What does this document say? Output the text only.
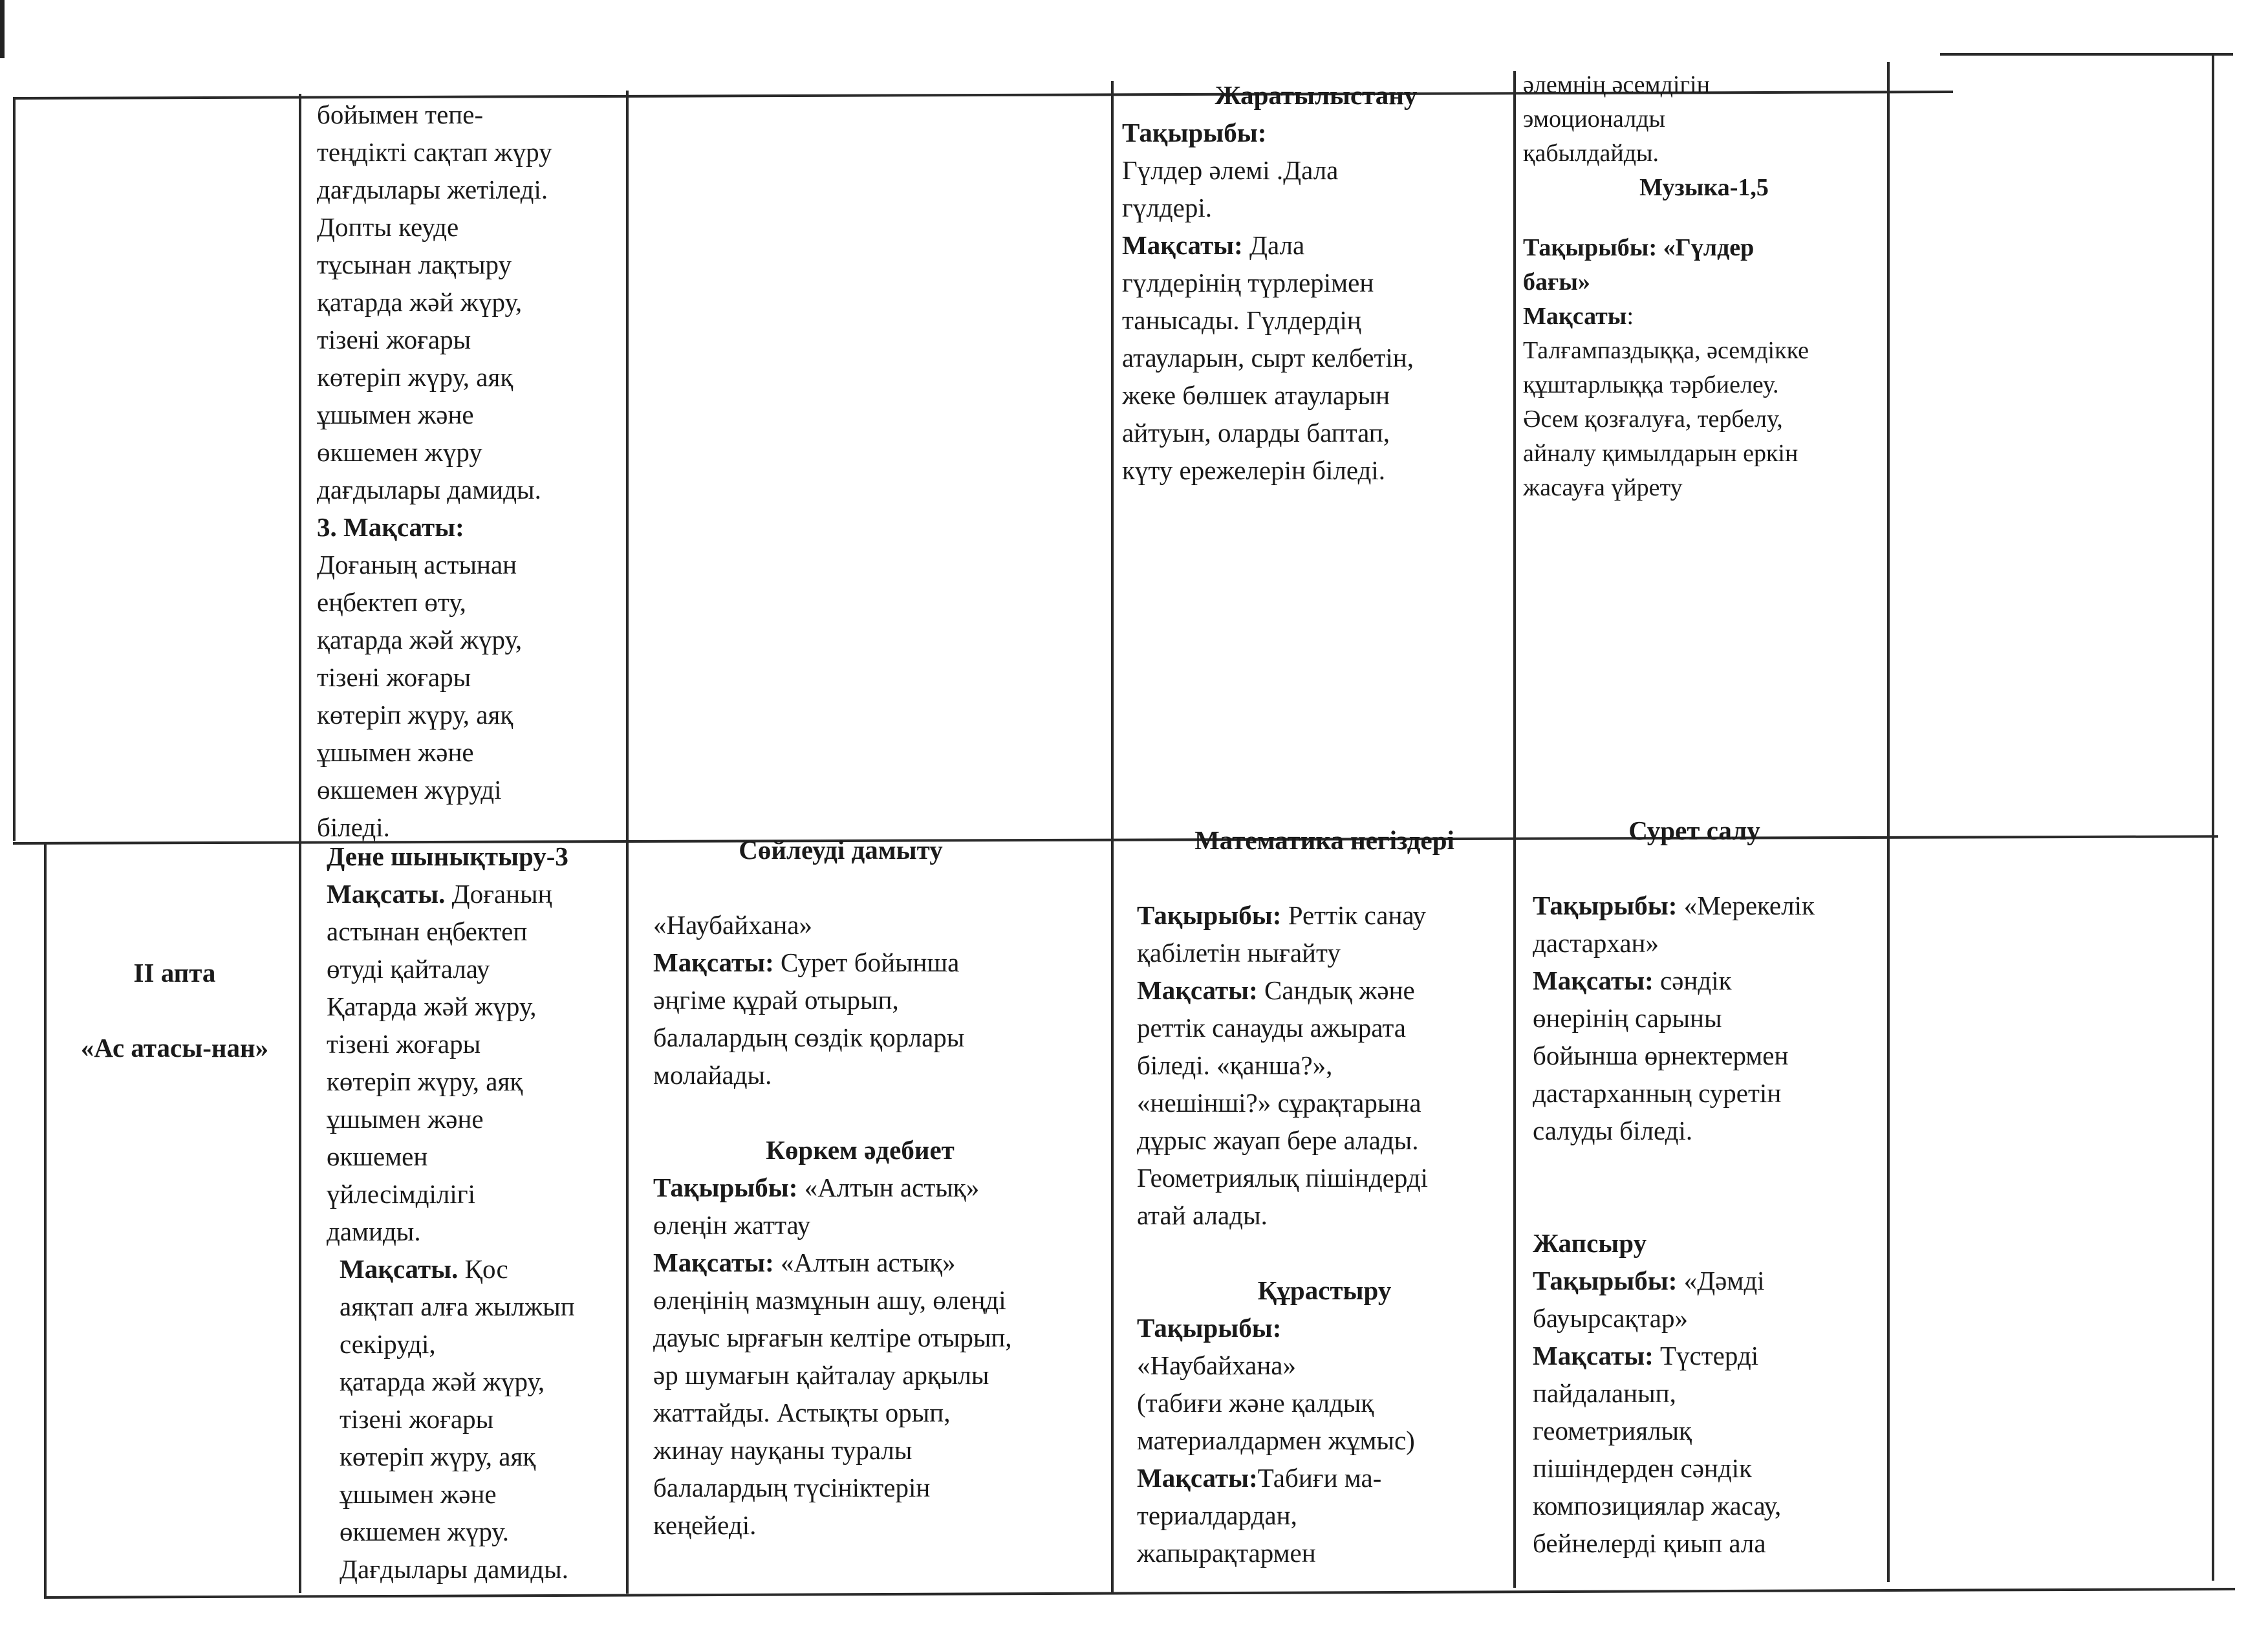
бойымен тепе-
теңдікті сақтап жүру
дағдылары жетіледі.
Допты кеуде
тұсынан лақтыру
қатарда жәй жүру,
тізені жоғары
көтеріп жүру, аяқ
ұшымен және
өкшемен жүру
дағдылары дамиды.
3. Мақсаты:
Доғаның астынан
еңбектеп өту,
қатарда жәй жүру,
тізені жоғары
көтеріп жүру, аяқ
ұшымен және
өкшемен жүруді
біледі.
Жаратылыстану
Тақырыбы:
Гүлдер әлемі .Дала
гүлдері.
Мақсаты: Дала
гүлдерінің түрлерімен
танысады. Гүлдердің
атауларын, сырт келбетін,
жеке бөлшек атауларын
айтуын, оларды баптап,
күту ережелерін біледі.
әлемнің әсемдігін
эмоционалды
қабылдайды.
Музыка-1,5
Тақырыбы: «Гүлдер
бағы»
Мақсаты:
Талғампаздыққа, әсемдікке
құштарлыққа тәрбиелеу.
Әсем қозғалуға, тербелу,
айналу қимылдарын еркін
жасауға үйрету
ІІ апта
«Ас атасы-нан»
Дене шынықтыру-3
Мақсаты. Доғаның
астынан еңбектеп
өтуді қайталау
Қатарда жәй жүру,
тізені жоғары
көтеріп жүру, аяқ
ұшымен және
өкшемен
үйлесімділігі
дамиды.
Мақсаты. Қос
аяқтап алға жылжып
секіруді,
қатарда жәй жүру,
тізені жоғары
көтеріп жүру, аяқ
ұшымен және
өкшемен жүру.
Дағдылары дамиды.
Сөйлеуді дамыту
«Наубайхана»
Мақсаты: Сурет бойынша
әңгіме құрай отырып,
балалардың сөздік қорлары
молайады.
Көркем әдебиет
Тақырыбы: «Алтын астық»
өлеңін жаттау
Мақсаты: «Алтын астық»
өлеңінің мазмұнын ашу, өлеңді
дауыс ырғағын келтіре отырып,
әр шумағын қайталау арқылы
жаттайды. Астықты орып,
жинау науқаны туралы
балалардың түсініктерін
кеңейеді.
Математика негіздері
Тақырыбы: Реттік санау
қабілетін нығайту
Мақсаты: Сандық және
реттік санауды ажырата
біледі. «қанша?»,
«нешінші?» сұрақтарына
дұрыс жауап бере алады.
Геометриялық пішіндерді
атай алады.
Құрастыру
Тақырыбы:
«Наубайхана»
(табиғи және қалдық
материалдармен жұмыс)
Мақсаты:Табиғи ма-
териалдардан,
жапырақтармен
Сурет салу
Тақырыбы: «Мерекелік
дастархан»
Мақсаты: сәндік
өнерінің сарыны
бойынша өрнектермен
дастарханның суретін
салуды біледі.
Жапсыру
Тақырыбы: «Дәмді
бауырсақтар»
Мақсаты: Түстерді
пайдаланып,
геометриялық
пішіндерден сәндік
композициялар жасау,
бейнелерді қиып ала
